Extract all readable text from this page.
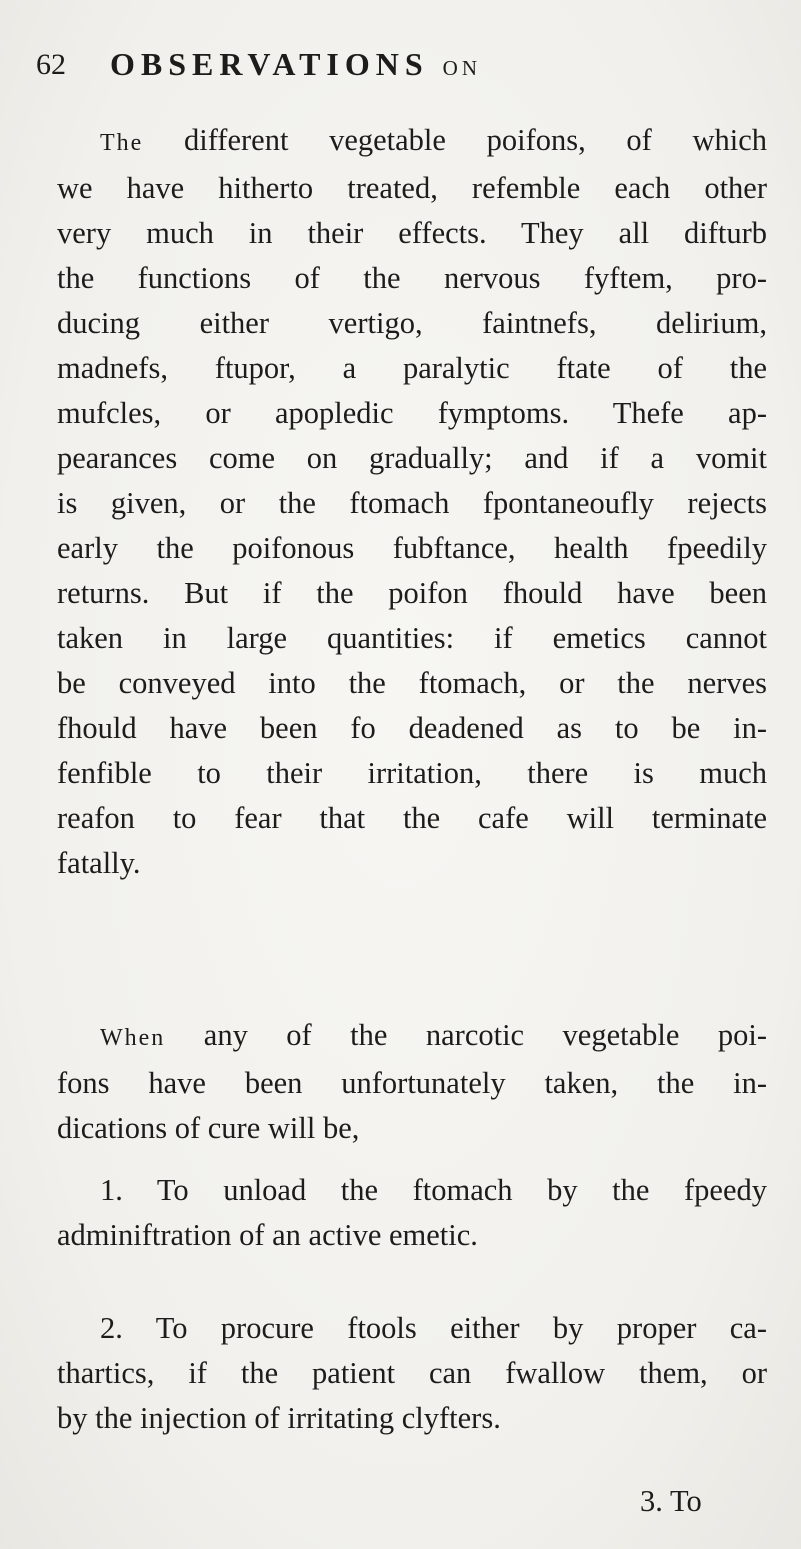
62 OBSERVATIONS ON
The different vegetable poifons, of which
we have hitherto treated, refemble each other
very much in their effects. They all difturb
the functions of the nervous fyftem, pro-
ducing either vertigo, faintnefs, delirium,
madnefs, ftupor, a paralytic ftate of the
mufcles, or apopledic fymptoms. Thefe ap-
pearances come on gradually; and if a vomit
is given, or the ftomach fpontaneoufly rejects
early the poifonous fubftance, health fpeedily
returns. But if the poifon fhould have been
taken in large quantities: if emetics cannot
be conveyed into the ftomach, or the nerves
fhould have been fo deadened as to be in-
fenfible to their irritation, there is much
reafon to fear that the cafe will terminate
fatally.
When any of the narcotic vegetable poi-
fons have been unfortunately taken, the in-
dications of cure will be,
1. To unload the ftomach by the fpeedy
adminiftration of an active emetic.
2. To procure ftools either by proper ca-
thartics, if the patient can fwallow them, or
by the injection of irritating clyfters.
3. To
